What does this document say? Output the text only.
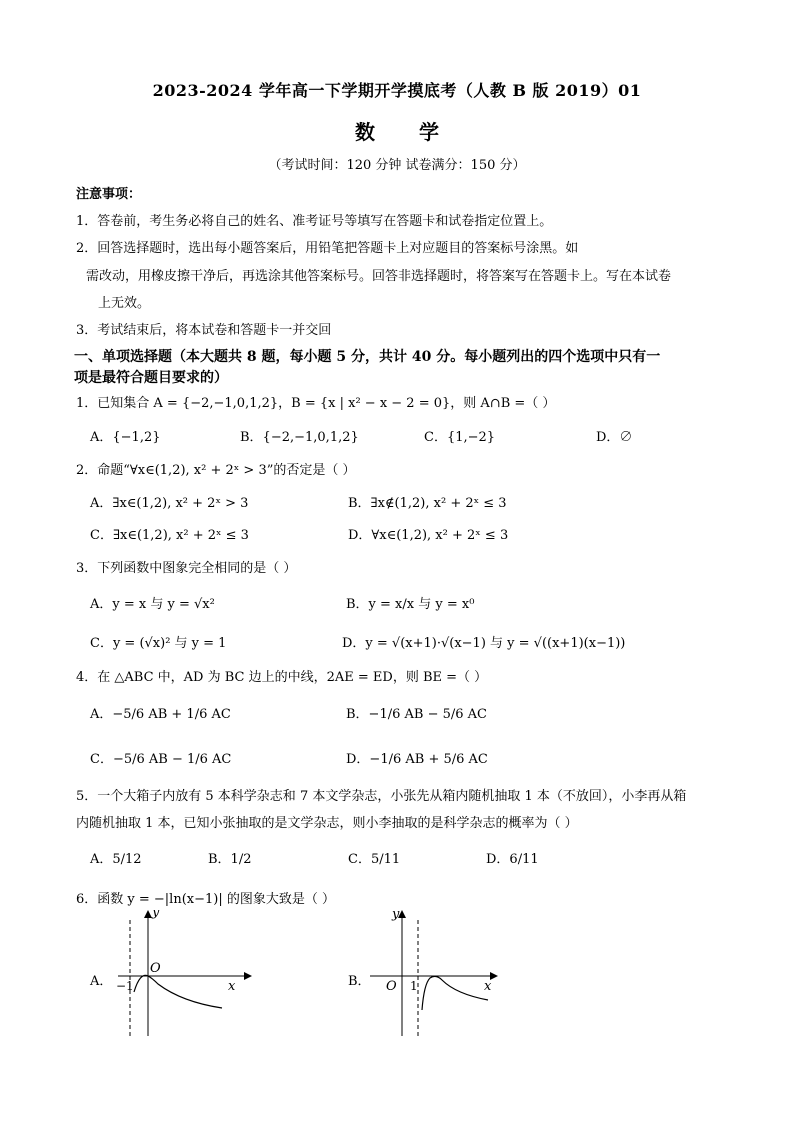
2023-2024 学年高一下学期开学摸底考（人教 B 版 2019）01
数 学
（考试时间：120 分钟 试卷满分：150 分）
注意事项：
1．答卷前，考生务必将自己的姓名、准考证号等填写在答题卡和试卷指定位置上。
2．回答选择题时，选出每小题答案后，用铅笔把答题卡上对应题目的答案标号涂黑。如
需改动，用橡皮擦干净后，再选涂其他答案标号。回答非选择题时，将答案写在答题卡上。写在本试卷
上无效。
3．考试结束后，将本试卷和答题卡一并交回
一、单项选择题（本大题共 8 题，每小题 5 分，共计 40 分。每小题列出的四个选项中只有一
项是最符合题目要求的）
1．已知集合 A = {−2,−1,0,1,2}，B = {x | x² − x − 2 = 0}，则 A∩B =（ ）
A．{−1,2}	B．{−2,−1,0,1,2}	C．{1,−2}	D．∅
2．命题“∀x∈(1,2), x² + 2ˣ > 3”的否定是（ ）
A．∃x∈(1,2), x² + 2ˣ > 3	B．∃x∉(1,2), x² + 2ˣ ≤ 3
C．∃x∈(1,2), x² + 2ˣ ≤ 3	D．∀x∈(1,2), x² + 2ˣ ≤ 3
3．下列函数中图象完全相同的是（ ）
A．y = x 与 y = √x²	B．y = x/x 与 y = x⁰
C．y = (√x)² 与 y = 1	D．y = √(x+1)·√(x−1) 与 y = √((x+1)(x−1))
4．在 △ABC 中，AD 为 BC 边上的中线，2AE = ED，则 BE =（ ）
A．−5/6 AB + 1/6 AC	B．−1/6 AB − 5/6 AC
C．−5/6 AB − 1/6 AC	D．−1/6 AB + 5/6 AC
5．一个大箱子内放有 5 本科学杂志和 7 本文学杂志，小张先从箱内随机抽取 1 本（不放回），小李再从箱
内随机抽取 1 本，已知小张抽取的是文学杂志，则小李抽取的是科学杂志的概率为（ ）
A．5/12	B．1/2	C．5/11	D．6/11
6．函数 y = −|ln(x−1)| 的图象大致是（ ）
A．
y
O
x
−1	B．
y
O	x
1
